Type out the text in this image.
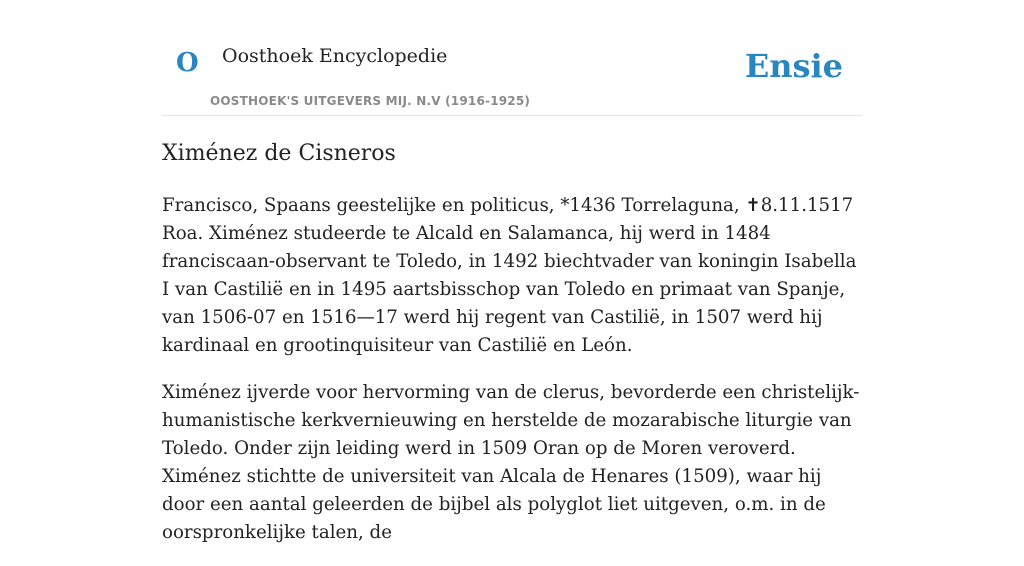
O Oosthoek Encyclopedie
OOSTHOEK'S UITGEVERS MIJ. N.V (1916-1925)
Ensie
Ximénez de Cisneros

Francisco, Spaans geestelijke en politicus, *1436 Torrelaguna, ✝8.11.1517 Roa. Ximénez studeerde te Alcald en Salamanca, hij werd in 1484 franciscaan-observant te Toledo, in 1492 biechtvader van koningin Isabella I van Castilië en in 1495 aartsbisschop van Toledo en primaat van Spanje, van 1506-07 en 1516—17 werd hij regent van Castilië, in 1507 werd hij kardinaal en grootinquisiteur van Castilië en León.

Ximénez ijverde voor hervorming van de clerus, bevorderde een christelijk-humanistische kerkvernieuwing en herstelde de mozarabische liturgie van Toledo. Onder zijn leiding werd in 1509 Oran op de Moren veroverd. Ximénez stichtte de universiteit van Alcala de Henares (1509), waar hij door een aantal geleerden de bijbel als polyglot liet uitgeven, o.m. in de oorspronkelijke talen, de
